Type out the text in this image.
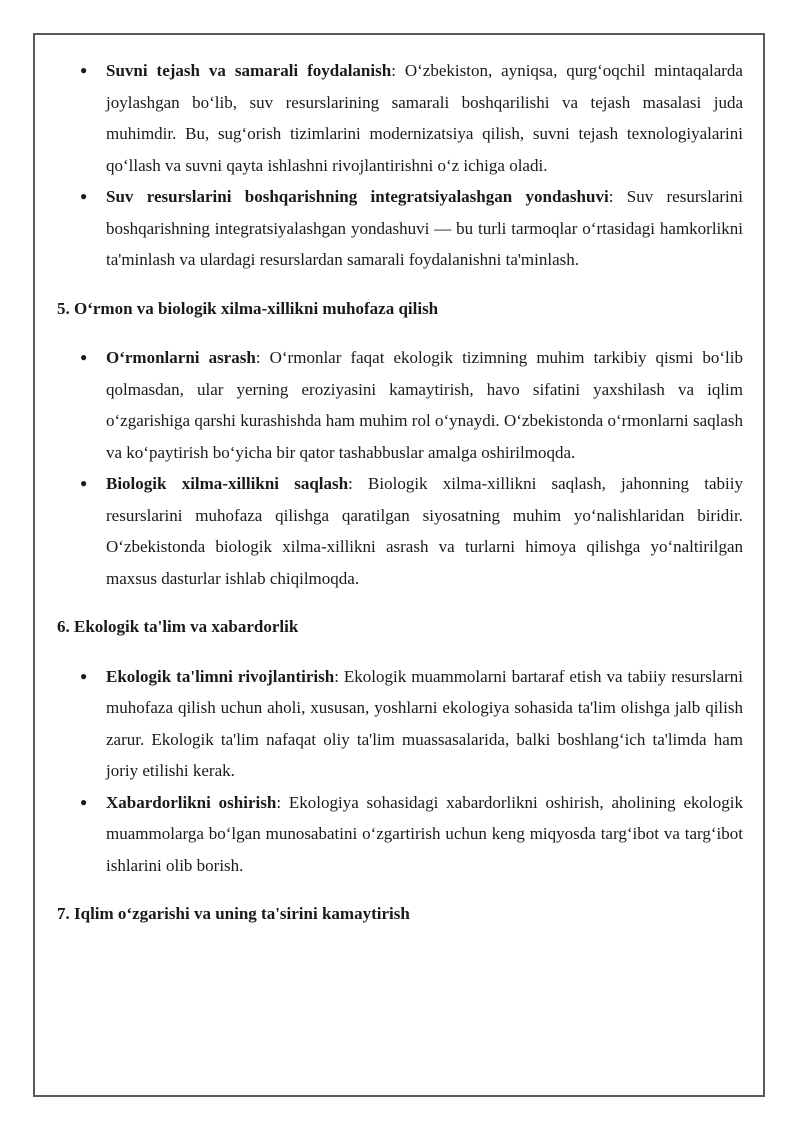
● Suvni tejash va samarali foydalanish: O‘zbekiston, ayniqsa, qurg‘oqchil mintaqalarda joylashgan bo‘lib, suv resurslarining samarali boshqarilishi va tejash masalasi juda muhimdir. Bu, sug‘orish tizimlarini modernizatsiya qilish, suvni tejash texnologiyalarini qo‘llash va suvni qayta ishlashni rivojlantirishni o‘z ichiga oladi.
● Suv resurslarini boshqarishning integratsiyalashgan yondashuvi: Suv resurslarini boshqarishning integratsiyalashgan yondashuvi — bu turli tarmoqlar o‘rtasidagi hamkorlikni ta'minlash va ulardagi resurslardan samarali foydalanishni ta'minlash.

5. O‘rmon va biologik xilma-xillikni muhofaza qilish

● O‘rmonlarni asrash: O‘rmonlar faqat ekologik tizimning muhim tarkibiy qismi bo‘lib qolmasdan, ular yerning eroziyasini kamaytirish, havo sifatini yaxshilash va iqlim o‘zgarishiga qarshi kurashishda ham muhim rol o‘ynaydi. O‘zbekistonda o‘rmonlarni saqlash va ko‘paytirish bo‘yicha bir qator tashabbuslar amalga oshirilmoqda.
● Biologik xilma-xillikni saqlash: Biologik xilma-xillikni saqlash, jahonning tabiiy resurslarini muhofaza qilishga qaratilgan siyosatning muhim yo‘nalishlaridan biridir. O‘zbekistonda biologik xilma-xillikni asrash va turlarni himoya qilishga yo‘naltirilgan maxsus dasturlar ishlab chiqilmoqda.

6. Ekologik ta'lim va xabardorlik

● Ekologik ta'limni rivojlantirish: Ekologik muammolarni bartaraf etish va tabiiy resurslarni muhofaza qilish uchun aholi, xususan, yoshlarni ekologiya sohasida ta'lim olishga jalb qilish zarur. Ekologik ta'lim nafaqat oliy ta'lim muassasalarida, balki boshlang‘ich ta'limda ham joriy etilishi kerak.
● Xabardorlikni oshirish: Ekologiya sohasidagi xabardorlikni oshirish, aholining ekologik muammolarga bo‘lgan munosabatini o‘zgartirish uchun keng miqyosda targ‘ibot va targ‘ibot ishlarini olib borish.

7. Iqlim o‘zgarishi va uning ta'sirini kamaytirish
